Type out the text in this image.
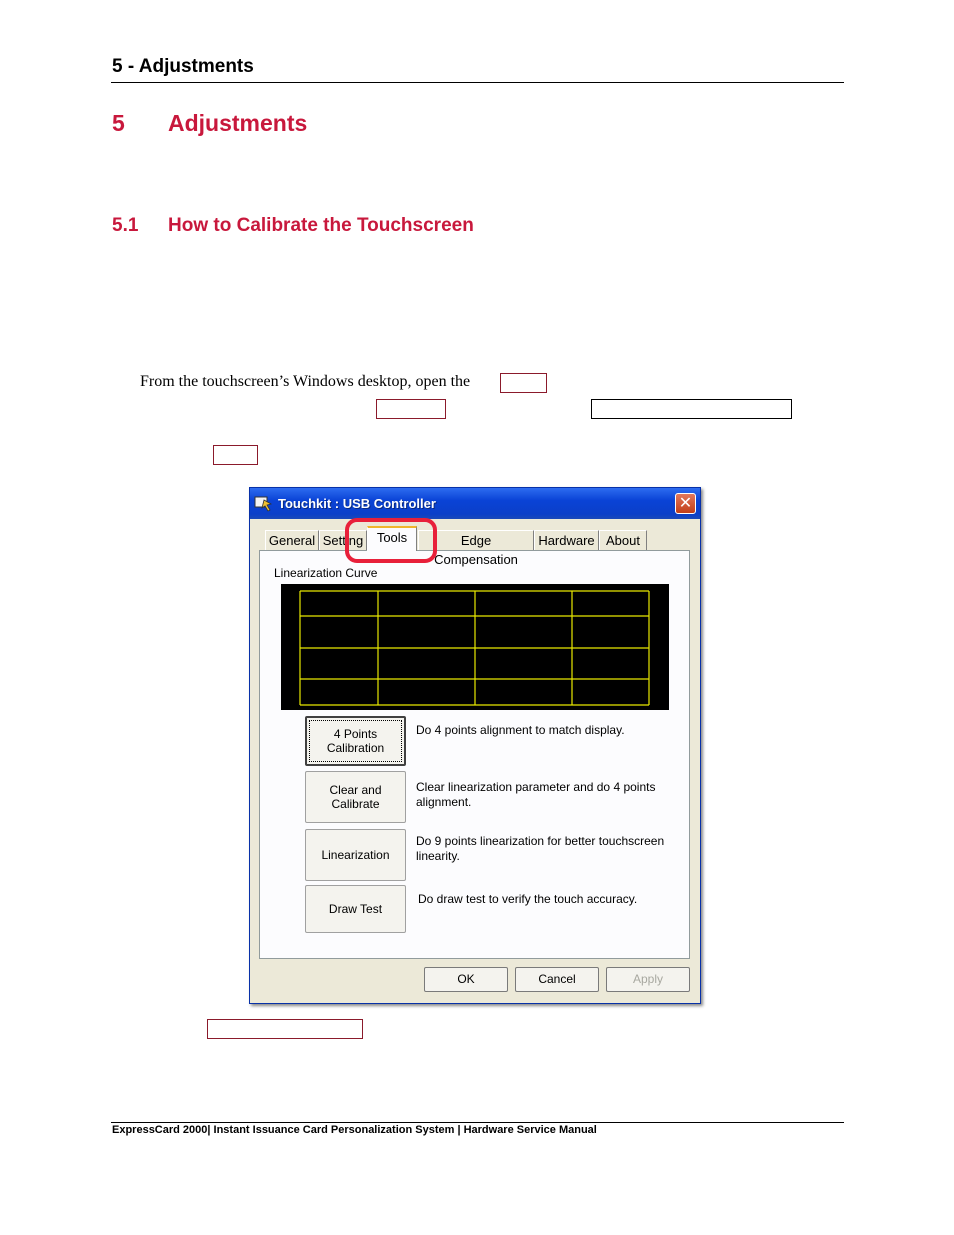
5 - Adjustments
5 Adjustments
5.1 How to Calibrate the Touchscreen
From the touchscreen’s Windows desktop, open the
Touchkit : USB Controller	✕
General Setting	Tools	Edge Compensation
Hardware About
Linearization Curve
4 Points
Calibration
Do 4 points alignment to match display.
Clear and
Calibrate
Clear linearization parameter and do 4 points alignment.
Linearization
Do 9 points linearization for better touchscreen linearity.
Draw Test
Do draw test to verify the touch accuracy.
OK	Cancel	Apply
ExpressCard 2000| Instant Issuance Card Personalization System | Hardware Service Manual
